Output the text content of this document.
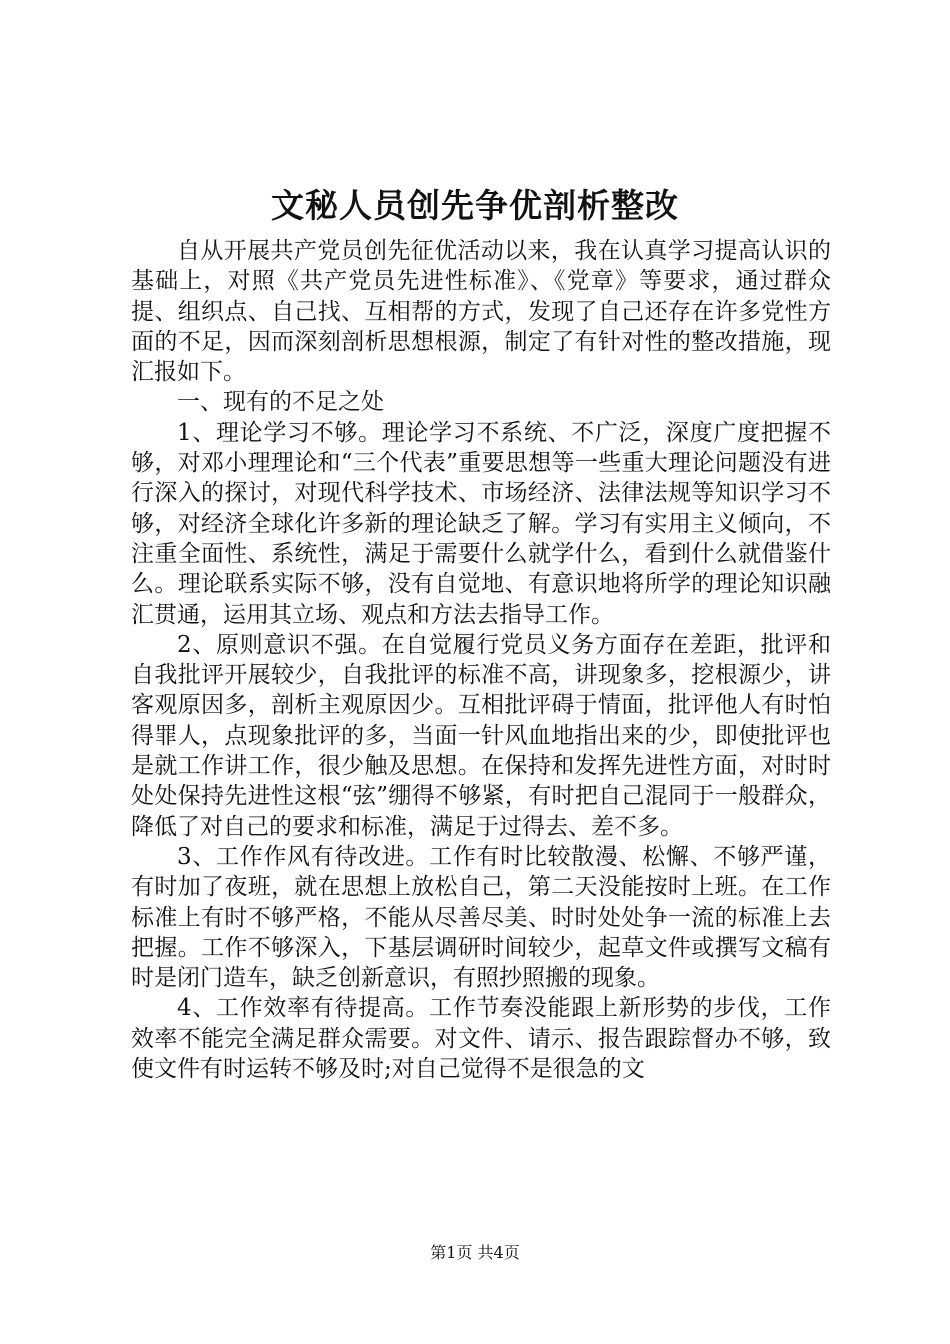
文秘人员创先争优剖析整改

自从开展共产党员创先征优活动以来，我在认真学习提高认识的基础上，对照《共产党员先进性标准》、《党章》等要求，通过群众提、组织点、自己找、互相帮的方式，发现了自己还存在许多党性方面的不足，因而深刻剖析思想根源，制定了有针对性的整改措施，现汇报如下。

一、现有的不足之处

1、理论学习不够。理论学习不系统、不广泛，深度广度把握不够，对邓小理理论和“三个代表”重要思想等一些重大理论问题没有进行深入的探讨，对现代科学技术、市场经济、法律法规等知识学习不够，对经济全球化许多新的理论缺乏了解。学习有实用主义倾向，不注重全面性、系统性，满足于需要什么就学什么，看到什么就借鉴什么。理论联系实际不够，没有自觉地、有意识地将所学的理论知识融汇贯通，运用其立场、观点和方法去指导工作。

2、原则意识不强。在自觉履行党员义务方面存在差距，批评和自我批评开展较少，自我批评的标准不高，讲现象多，挖根源少，讲客观原因多，剖析主观原因少。互相批评碍于情面，批评他人有时怕得罪人，点现象批评的多，当面一针风血地指出来的少，即使批评也是就工作讲工作，很少触及思想。在保持和发挥先进性方面，对时时处处保持先进性这根“弦”绷得不够紧，有时把自己混同于一般群众，降低了对自己的要求和标准，满足于过得去、差不多。

3、工作作风有待改进。工作有时比较散漫、松懈、不够严谨，有时加了夜班，就在思想上放松自己，第二天没能按时上班。在工作标准上有时不够严格，不能从尽善尽美、时时处处争一流的标准上去把握。工作不够深入，下基层调研时间较少，起草文件或撰写文稿有时是闭门造车，缺乏创新意识，有照抄照搬的现象。

4、工作效率有待提高。工作节奏没能跟上新形势的步伐，工作效率不能完全满足群众需要。对文件、请示、报告跟踪督办不够，致使文件有时运转不够及时;对自己觉得不是很急的文

第1页 共4页
